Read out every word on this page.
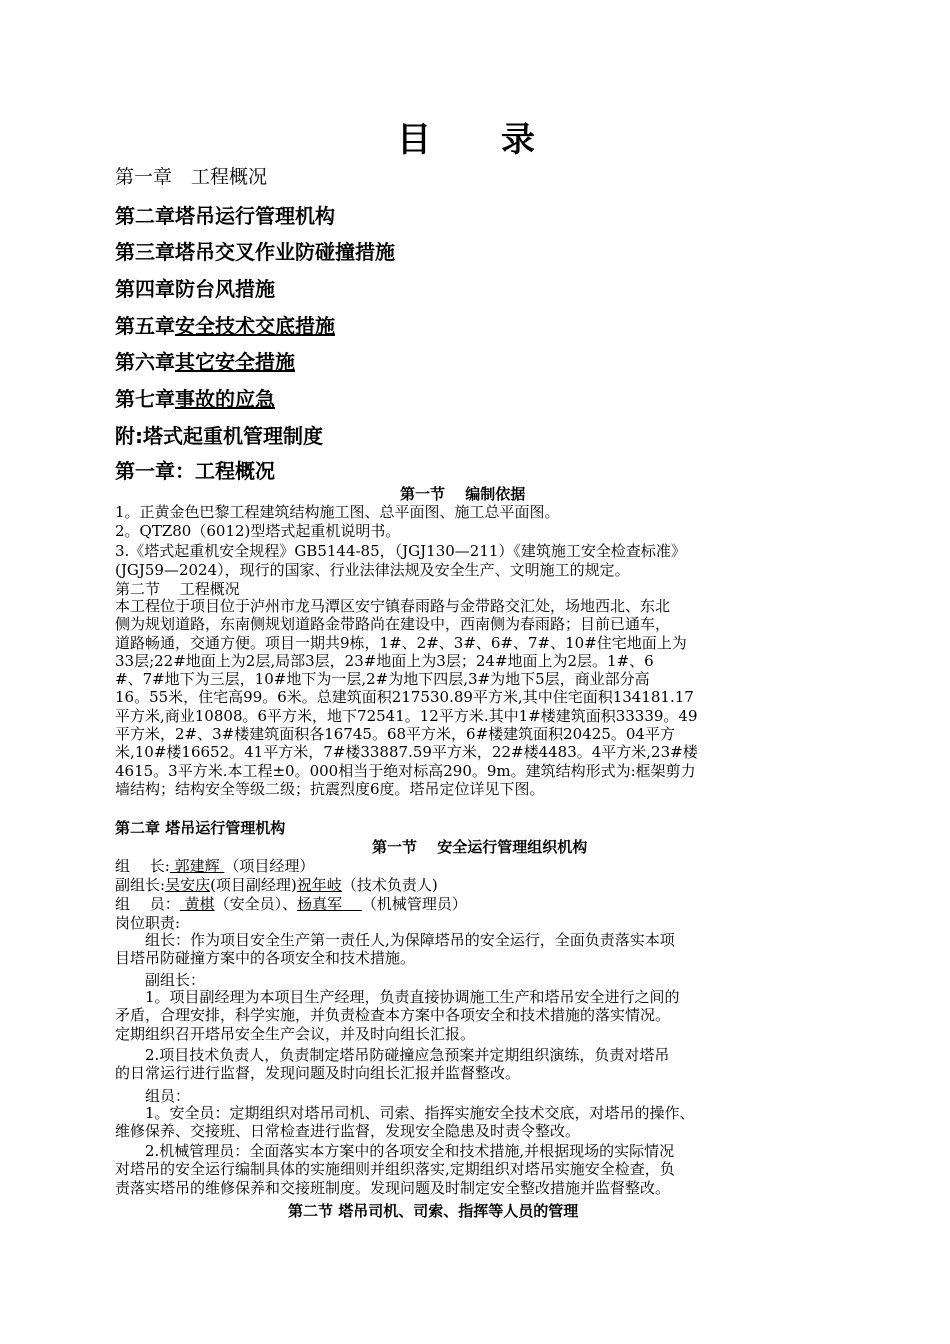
目　录
第一章　工程概况
第二章塔吊运行管理机构
第三章塔吊交叉作业防碰撞措施
第四章防台风措施
第五章安全技术交底措施
第六章其它安全措施
第七章事故的应急
附:塔式起重机管理制度
第一章：工程概况
第一节　 编制依据
1。正黄金色巴黎工程建筑结构施工图、总平面图、施工总平面图。
2。QTZ80（6012)型塔式起重机说明书。
3.《塔式起重机安全规程》GB5144-85，（JGJ130—211）《建筑施工安全检查标准》
(JGJ59—2024），现行的国家、行业法律法规及安全生产、文明施工的规定。
第二节　 工程概况
本工程位于项目位于泸州市龙马潭区安宁镇春雨路与金带路交汇处，场地西北、东北
侧为规划道路，东南侧规划道路金带路尚在建设中，西南侧为春雨路；目前已通车，
道路畅通，交通方便。项目一期共9栋，1#、2#、3#、6#、7#、10#住宅地面上为
33层;22#地面上为2层,局部3层，23#地面上为3层；24#地面上为2层。1#、6
#、7#地下为三层，10#地下为一层,2#为地下四层,3#为地下5层，商业部分高
16。55米，住宅高99。6米。总建筑面积217530.89平方米,其中住宅面积134181.17
平方米,商业10808。6平方米，地下72541。12平方米.其中1#楼建筑面积33339。49
平方米，2#、3#楼建筑面积各16745。68平方米，6#楼建筑面积20425。04平方
米,10#楼16652。41平方米，7#楼33887.59平方米，22#楼4483。4平方米,23#楼
4615。3平方米.本工程±0。000相当于绝对标高290。9m。建筑结构形式为:框架剪力
墙结构；结构安全等级二级；抗震烈度6度。塔吊定位详见下图。
第二章 塔吊运行管理机构
第一节　 安全运行管理组织机构
组　 长: 郭建辉 （项目经理）
副组长:吴安庆(项目副经理)祝年岐（技术负责人)
组　 员： 黄棋（安全员）、杨真军　 （机械管理员）
岗位职责:
　　组长：作为项目安全生产第一责任人,为保障塔吊的安全运行，全面负责落实本项
目塔吊防碰撞方案中的各项安全和技术措施。
　　副组长：
　　1。项目副经理为本项目生产经理，负责直接协调施工生产和塔吊安全进行之间的
矛盾，合理安排，科学实施，并负责检查本方案中各项安全和技术措施的落实情况。
定期组织召开塔吊安全生产会议，并及时向组长汇报。
　　2.项目技术负责人，负责制定塔吊防碰撞应急预案并定期组织演练，负责对塔吊
的日常运行进行监督，发现问题及时向组长汇报并监督整改。
　　组员：
　　1。安全员：定期组织对塔吊司机、司索、指挥实施安全技术交底，对塔吊的操作、
维修保养、交接班、日常检查进行监督，发现安全隐患及时责令整改。
　　2.机械管理员：全面落实本方案中的各项安全和技术措施,并根据现场的实际情况
对塔吊的安全运行编制具体的实施细则并组织落实,定期组织对塔吊实施安全检查，负
责落实塔吊的维修保养和交接班制度。发现问题及时制定安全整改措施并监督整改。
第二节 塔吊司机、司索、指挥等人员的管理
